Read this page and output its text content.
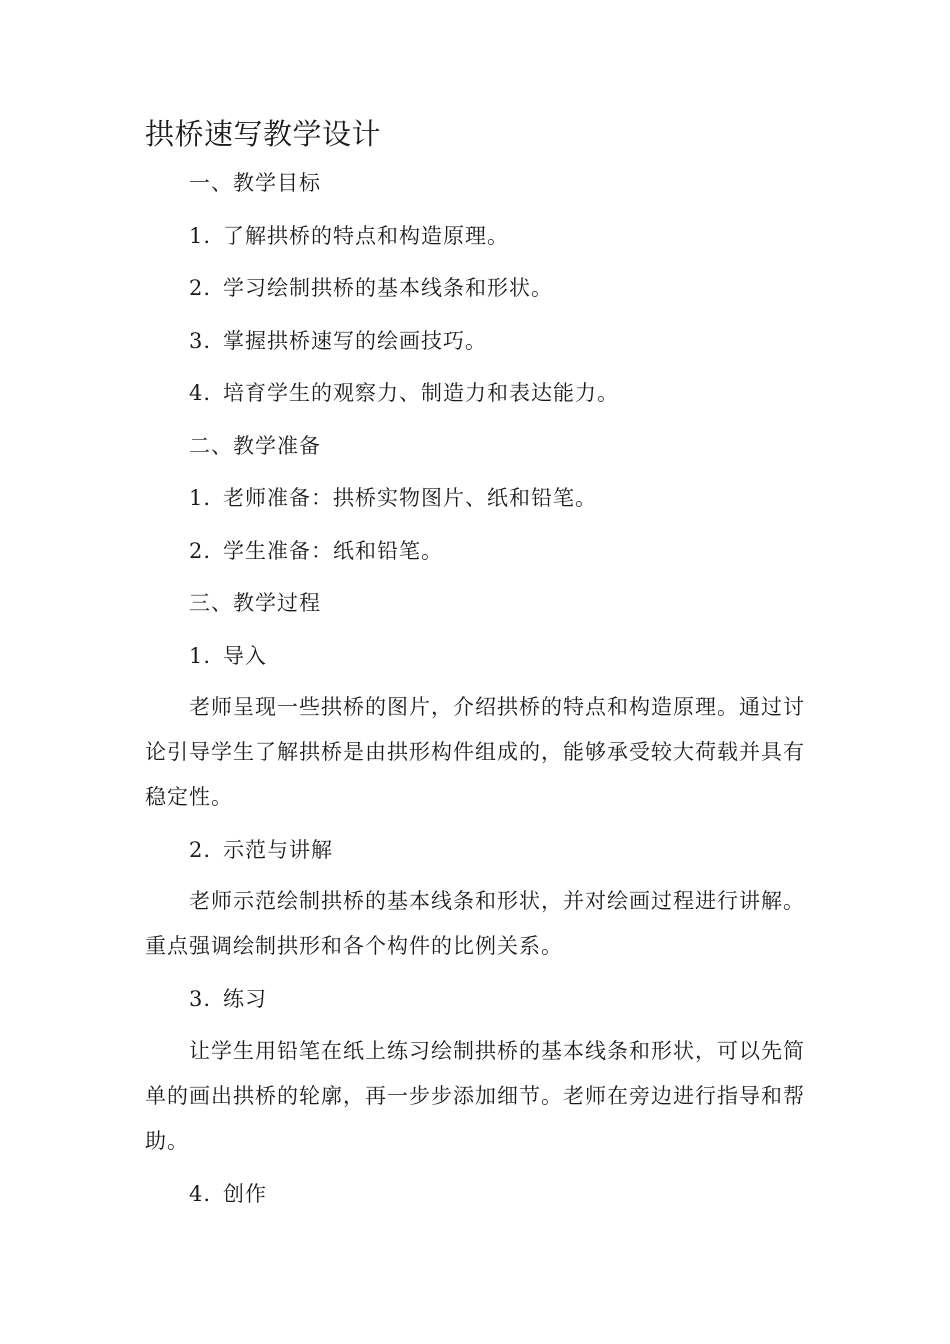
拱桥速写教学设计

一、教学目标

1. 了解拱桥的特点和构造原理。

2. 学习绘制拱桥的基本线条和形状。

3. 掌握拱桥速写的绘画技巧。

4. 培育学生的观察力、制造力和表达能力。

二、教学准备

1. 老师准备：拱桥实物图片、纸和铅笔。

2. 学生准备：纸和铅笔。

三、教学过程

1. 导入

老师呈现一些拱桥的图片，介绍拱桥的特点和构造原理。通过讨论引导学生了解拱桥是由拱形构件组成的，能够承受较大荷载并具有稳定性。

2. 示范与讲解

老师示范绘制拱桥的基本线条和形状，并对绘画过程进行讲解。重点强调绘制拱形和各个构件的比例关系。

3. 练习

让学生用铅笔在纸上练习绘制拱桥的基本线条和形状，可以先简单的画出拱桥的轮廓，再一步步添加细节。老师在旁边进行指导和帮助。

4. 创作
